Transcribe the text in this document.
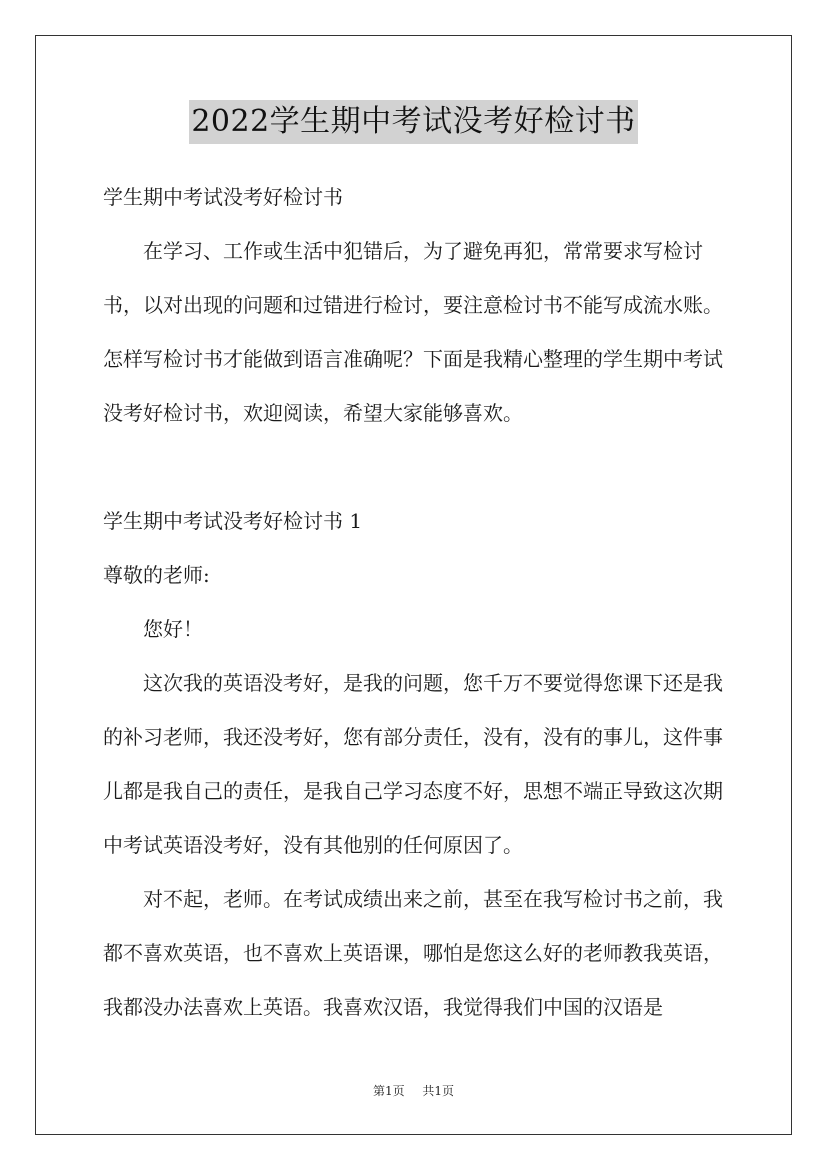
2022学生期中考试没考好检讨书

学生期中考试没考好检讨书

在学习、工作或生活中犯错后，为了避免再犯，常常要求写检讨书，以对出现的问题和过错进行检讨，要注意检讨书不能写成流水账。怎样写检讨书才能做到语言准确呢？下面是我精心整理的学生期中考试没考好检讨书，欢迎阅读，希望大家能够喜欢。

学生期中考试没考好检讨书 1

尊敬的老师:

您好！

这次我的英语没考好，是我的问题，您千万不要觉得您课下还是我的补习老师，我还没考好，您有部分责任，没有，没有的事儿，这件事儿都是我自己的责任，是我自己学习态度不好，思想不端正导致这次期中考试英语没考好，没有其他别的任何原因了。

对不起，老师。在考试成绩出来之前，甚至在我写检讨书之前，我都不喜欢英语，也不喜欢上英语课，哪怕是您这么好的老师教我英语，我都没办法喜欢上英语。我喜欢汉语，我觉得我们中国的汉语是

第1页 共1页
